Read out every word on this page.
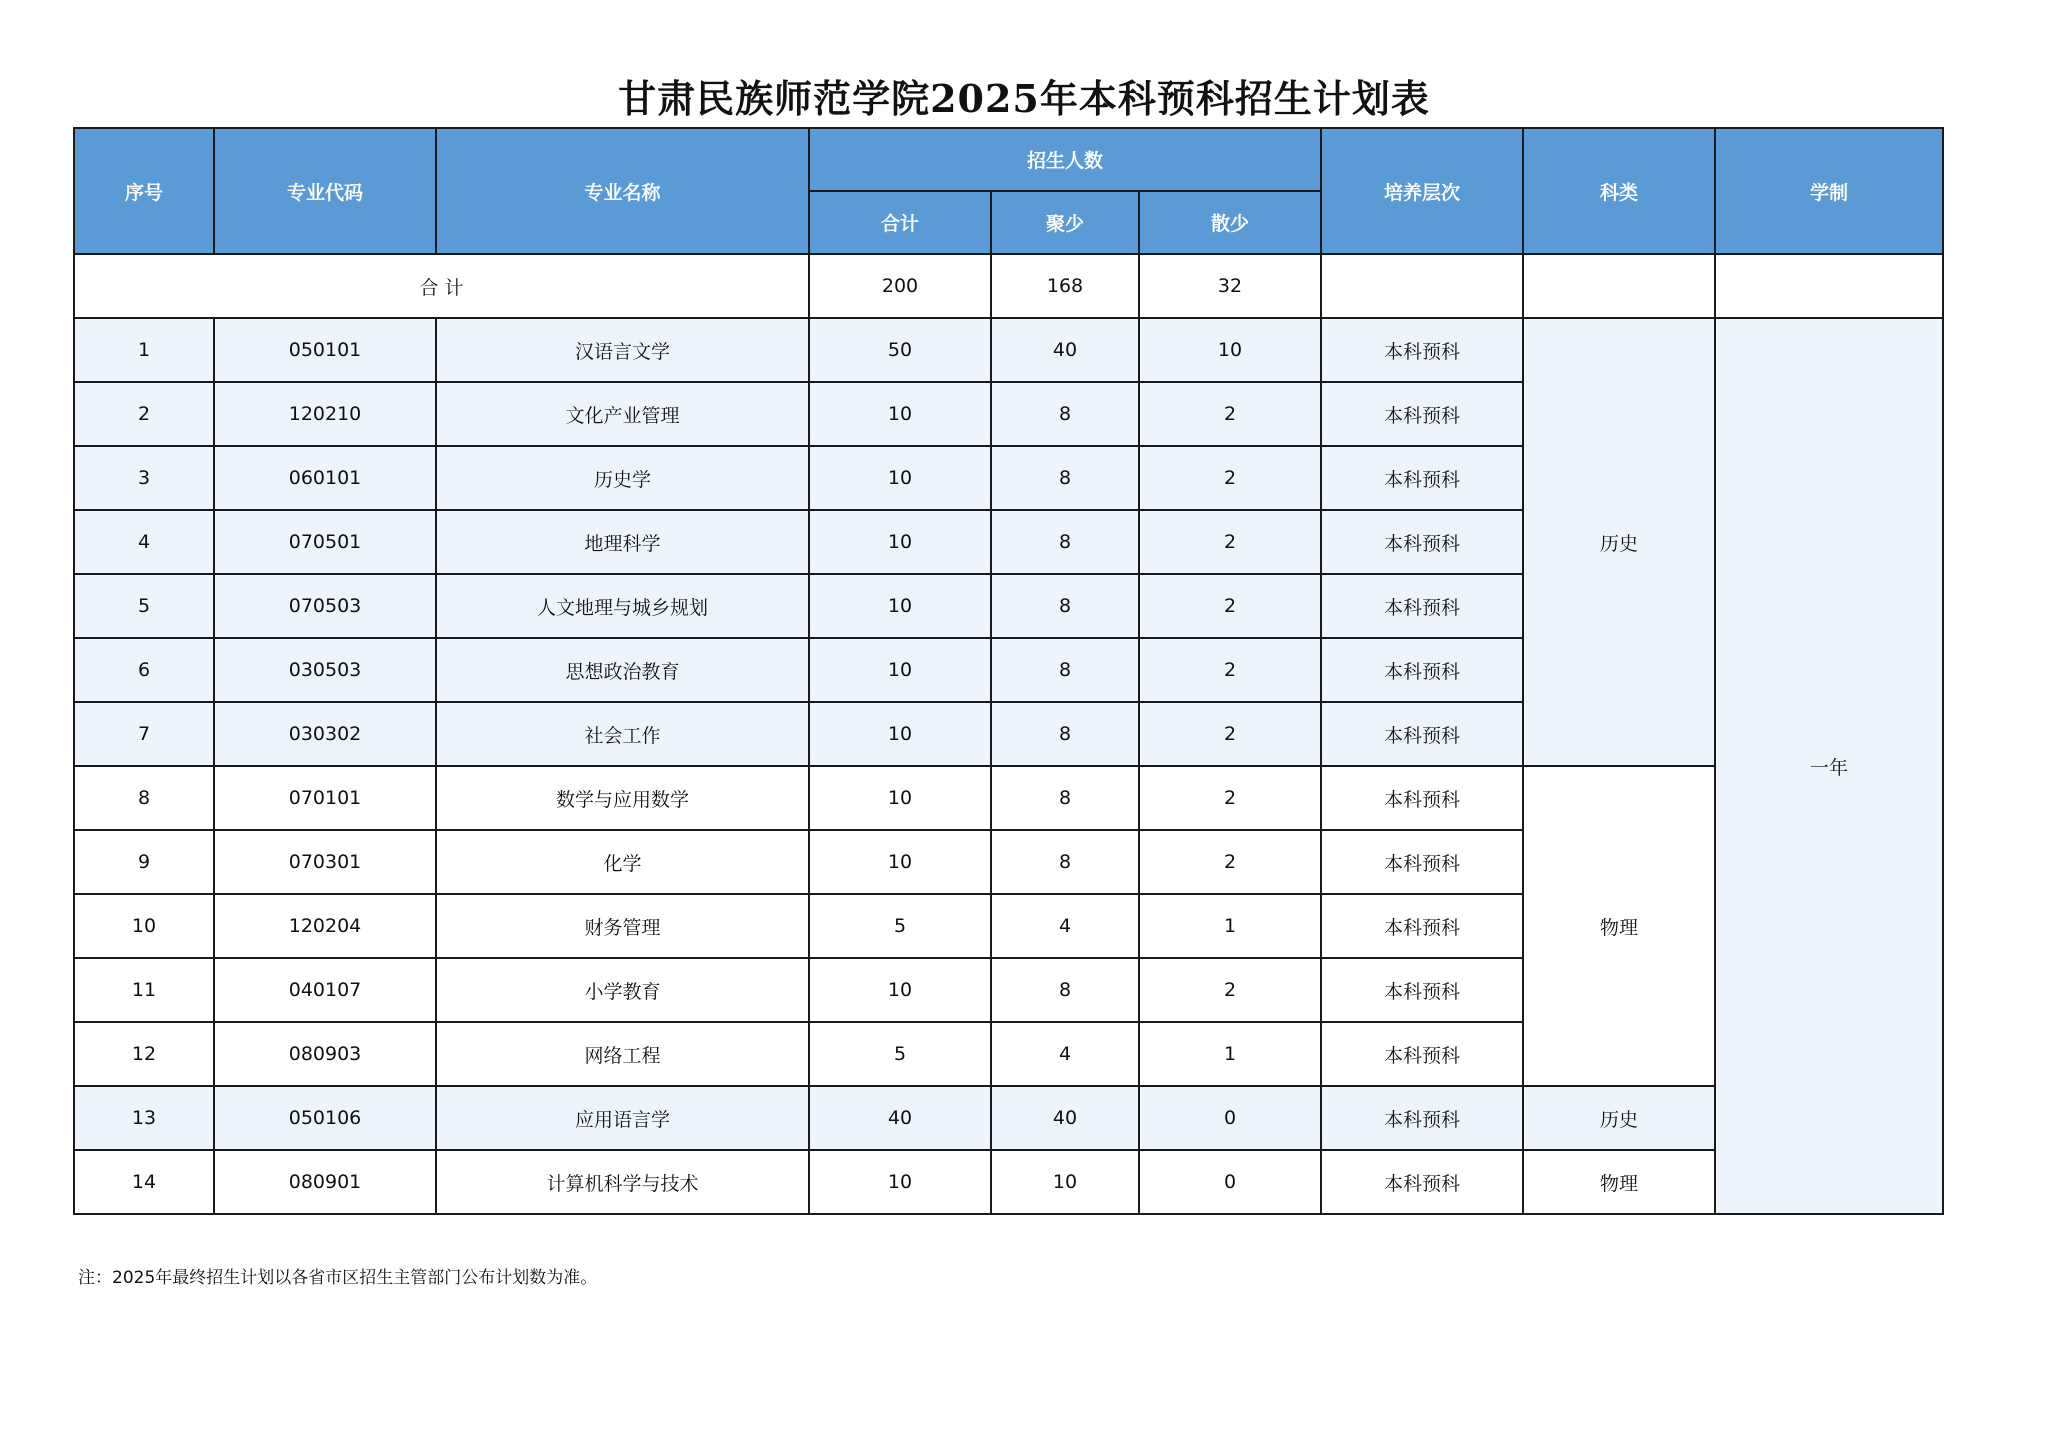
甘肃民族师范学院2025年本科预科招生计划表
序号	专业代码	专业名称	招生人数			培养层次	科类	学制
			合计	聚少	散少			
合 计			200	168	32			
1	050101	汉语言文学	50	40	10	本科预科	历史	一年
2	120210	文化产业管理	10	8	2	本科预科		
3	060101	历史学	10	8	2	本科预科		
4	070501	地理科学	10	8	2	本科预科		
5	070503	人文地理与城乡规划	10	8	2	本科预科		
6	030503	思想政治教育	10	8	2	本科预科		
7	030302	社会工作	10	8	2	本科预科		
8	070101	数学与应用数学	10	8	2	本科预科	物理	
9	070301	化学	10	8	2	本科预科		
10	120204	财务管理	5	4	1	本科预科		
11	040107	小学教育	10	8	2	本科预科		
12	080903	网络工程	5	4	1	本科预科		
13	050106	应用语言学	40	40	0	本科预科	历史	
14	080901	计算机科学与技术	10	10	0	本科预科	物理	
注：2025年最终招生计划以各省市区招生主管部门公布计划数为准。
